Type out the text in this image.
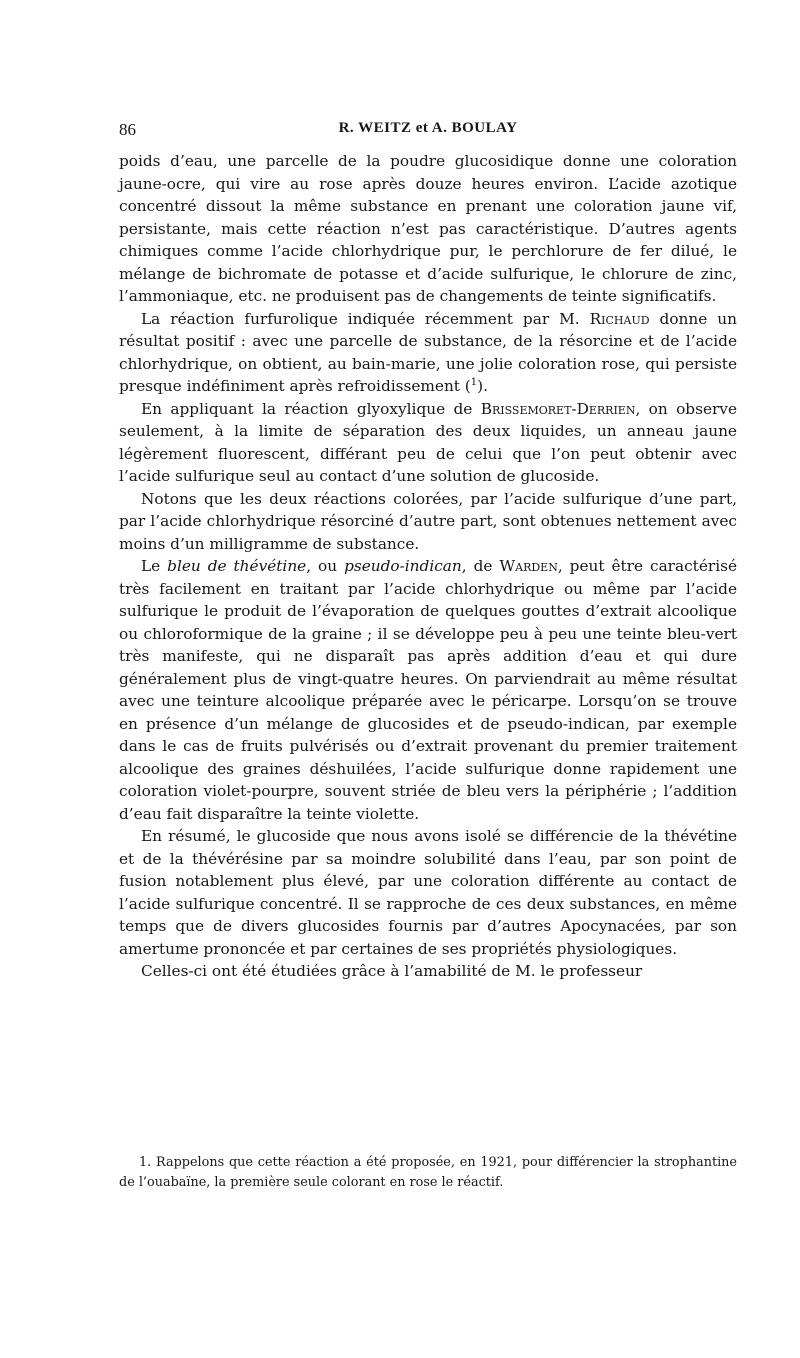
86	R. WEITZ et A. BOULAY

poids d’eau, une parcelle de la poudre glucosidique donne une coloration jaune-ocre, qui vire au rose après douze heures environ. L’acide azotique concentré dissout la même substance en prenant une coloration jaune vif, persistante, mais cette réaction n’est pas caractéristique. D’autres agents chimiques comme l’acide chlorhydrique pur, le perchlorure de fer dilué, le mélange de bichromate de potasse et d’acide sulfurique, le chlorure de zinc, l’ammoniaque, etc. ne produisent pas de changements de teinte significatifs.

La réaction furfurolique indiquée récemment par M. Richaud donne un résultat positif : avec une parcelle de substance, de la résorcine et de l’acide chlorhydrique, on obtient, au bain-marie, une jolie coloration rose, qui persiste presque indéfiniment après refroidissement ($^1$).

En appliquant la réaction glyoxylique de Brissemoret-Derrien, on observe seulement, à la limite de séparation des deux liquides, un anneau jaune légèrement fluorescent, différant peu de celui que l’on peut obtenir avec l’acide sulfurique seul au contact d’une solution de glucoside.

Notons que les deux réactions colorées, par l’acide sulfurique d’une part, par l’acide chlorhydrique résorciné d’autre part, sont obtenues nettement avec moins d’un milligramme de substance.

Le bleu de thévétine, ou pseudo-indican, de Warden, peut être caractérisé très facilement en traitant par l’acide chlorhydrique ou même par l’acide sulfurique le produit de l’évaporation de quelques gouttes d’extrait alcoolique ou chloroformique de la graine ; il se développe peu à peu une teinte bleu-vert très manifeste, qui ne disparaît pas après addition d’eau et qui dure généralement plus de vingt-quatre heures. On parviendrait au même résultat avec une teinture alcoolique préparée avec le péricarpe. Lorsqu’on se trouve en présence d’un mélange de glucosides et de pseudo-indican, par exemple dans le cas de fruits pulvérisés ou d’extrait provenant du premier traitement alcoolique des graines déshuilées, l’acide sulfurique donne rapidement une coloration violet-pourpre, souvent striée de bleu vers la périphérie ; l’addition d’eau fait disparaître la teinte violette.

En résumé, le glucoside que nous avons isolé se différencie de la thévétine et de la thévérésine par sa moindre solubilité dans l’eau, par son point de fusion notablement plus élevé, par une coloration différente au contact de l’acide sulfurique concentré. Il se rapproche de ces deux substances, en même temps que de divers glucosides fournis par d’autres Apocynacées, par son amertume prononcée et par certaines de ses propriétés physiologiques.

Celles-ci ont été étudiées grâce à l’amabilité de M. le professeur

1. Rappelons que cette réaction a été proposée, en 1921, pour différencier la strophantine de l’ouabaïne, la première seule colorant en rose le réactif.
